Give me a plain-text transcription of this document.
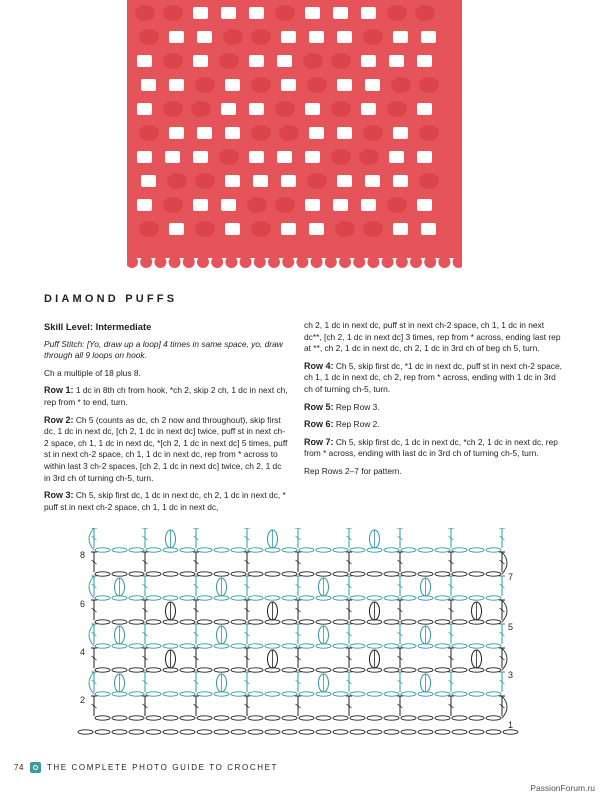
DIAMOND PUFFS

Skill Level: Intermediate

Puff Stitch: [Yo, draw up a loop] 4 times in same space, yo, draw through all 9 loops on hook.

Ch a multiple of 18 plus 8.

Row 1: 1 dc in 8th ch from hook, *ch 2, skip 2 ch, 1 dc in next ch, rep from * to end, turn.

Row 2: Ch 5 (counts as dc, ch 2 now and throughout), skip first dc, 1 dc in next dc, [ch 2, 1 dc in next dc] twice, puff st in next ch-2 space, ch 1, 1 dc in next dc, *[ch 2, 1 dc in next dc] 5 times, puff st in next ch-2 space, ch 1, 1 dc in next dc, rep from * across to within last 3 ch-2 spaces, [ch 2, 1 dc in next dc] twice, ch 2, 1 dc in 3rd ch of turning ch-5, turn.

Row 3: Ch 5, skip first dc, 1 dc in next dc, ch 2, 1 dc in next dc, * puff st in next ch-2 space, ch 1, 1 dc in next dc,

ch 2, 1 dc in next dc, puff st in next ch-2 space, ch 1, 1 dc in next dc**, [ch 2, 1 dc in next dc] 3 times, rep from * across, ending last rep at **, ch 2, 1 dc in next dc, ch 2, 1 dc in 3rd ch of beg ch 5, turn.

Row 4: Ch 5, skip first dc, *1 dc in next dc, puff st in next ch-2 space, ch 1, 1 dc in next dc, ch 2, rep from * across, ending with 1 dc in 3rd ch of turning ch-5, turn.

Row 5: Rep Row 3.

Row 6: Rep Row 2.

Row 7: Ch 5, skip first dc, 1 dc in next dc, *ch 2, 1 dc in next dc, rep from * across, ending with last dc in 3rd ch of turning ch-5, turn.

Rep Rows 2–7 for pattern.

8
6
4
2
7
5
3
1
74	THE COMPLETE PHOTO GUIDE TO CROCHET
PassionForum.ru
